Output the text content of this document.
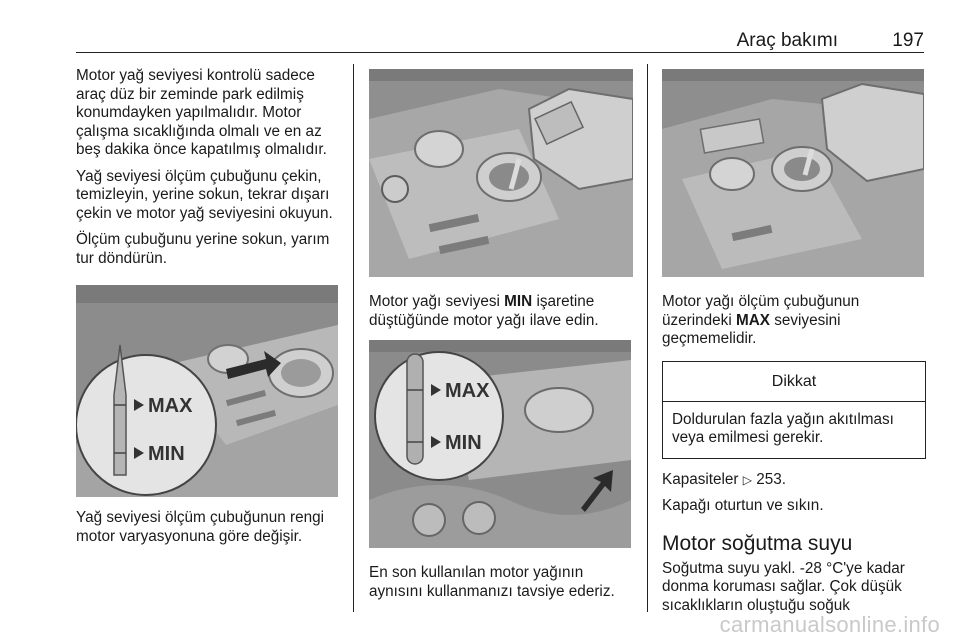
Araç bakımı	197

Motor yağ seviyesi kontrolü sadece araç düz bir zeminde park edilmiş konumdayken yapılmalıdır. Motor çalışma sıcaklığında olmalı ve en az beş dakika önce kapatılmış olmalıdır.

Yağ seviyesi ölçüm çubuğunu çekin, temizleyin, yerine sokun, tekrar dışarı çekin ve motor yağ seviyesini okuyun.

Ölçüm çubuğunu yerine sokun, yarım tur döndürün.

MAX
MIN

Yağ seviyesi ölçüm çubuğunun rengi motor varyasyonuna göre değişir.

Motor yağı seviyesi MIN işaretine düştüğünde motor yağı ilave edin.

MAX
MIN

En son kullanılan motor yağının aynısını kullanmanızı tavsiye ederiz.

Motor yağı ölçüm çubuğunun üzerindeki MAX seviyesini geçmemelidir.

Dikkat
Doldurulan fazla yağın akıtılması veya emilmesi gerekir.

Kapasiteler ▷ 253.

Kapağı oturtun ve sıkın.

Motor soğutma suyu

Soğutma suyu yakl. -28 °C'ye kadar donma koruması sağlar. Çok düşük sıcaklıkların oluştuğu soğuk

carmanualsonline.info
